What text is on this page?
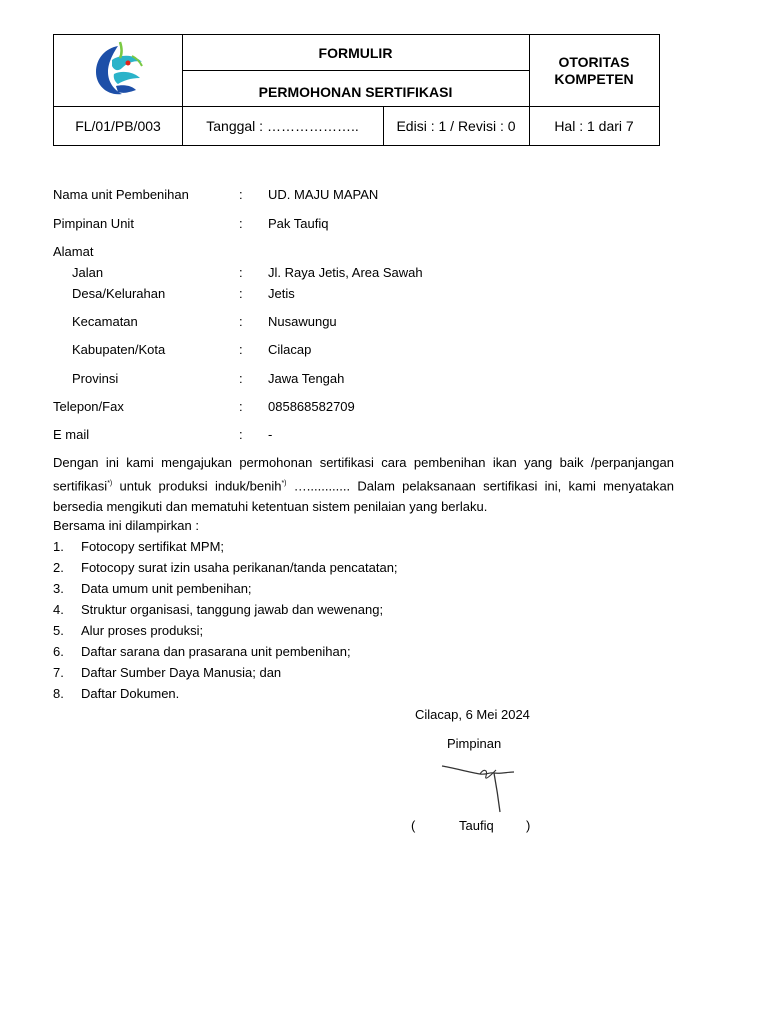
FORMULIR
PERMOHONAN SERTIFIKASI
OTORITAS
KOMPETEN
FL/01/PB/003	Tanggal : ………………..	Edisi : 1 / Revisi : 0	Hal : 1 dari 7
Nama unit Pembenihan	: UD. MAJU MAPAN
Pimpinan Unit	: Pak Taufiq
Alamat
Jalan	: Jl. Raya Jetis, Area Sawah
Desa/Kelurahan	: Jetis
Kecamatan	: Nusawungu
Kabupaten/Kota	: Cilacap
Provinsi	: Jawa Tengah
Telepon/Fax	: 085868582709
E mail	: -
Dengan ini kami mengajukan permohonan sertifikasi cara pembenihan ikan yang baik /perpanjangan sertifikasi*) untuk produksi induk/benih*) …............ Dalam pelaksanaan sertifikasi ini, kami menyatakan bersedia mengikuti dan mematuhi ketentuan sistem penilaian yang berlaku.
Bersama ini dilampirkan :
1. Fotocopy sertifikat MPM;
2. Fotocopy surat izin usaha perikanan/tanda pencatatan;
3. Data umum unit pembenihan;
4. Struktur organisasi, tanggung jawab dan wewenang;
5. Alur proses produksi;
6. Daftar sarana dan prasarana unit pembenihan;
7. Daftar Sumber Daya Manusia; dan
8. Daftar Dokumen.
Cilacap, 6 Mei 2024
Pimpinan
(	Taufiq )
